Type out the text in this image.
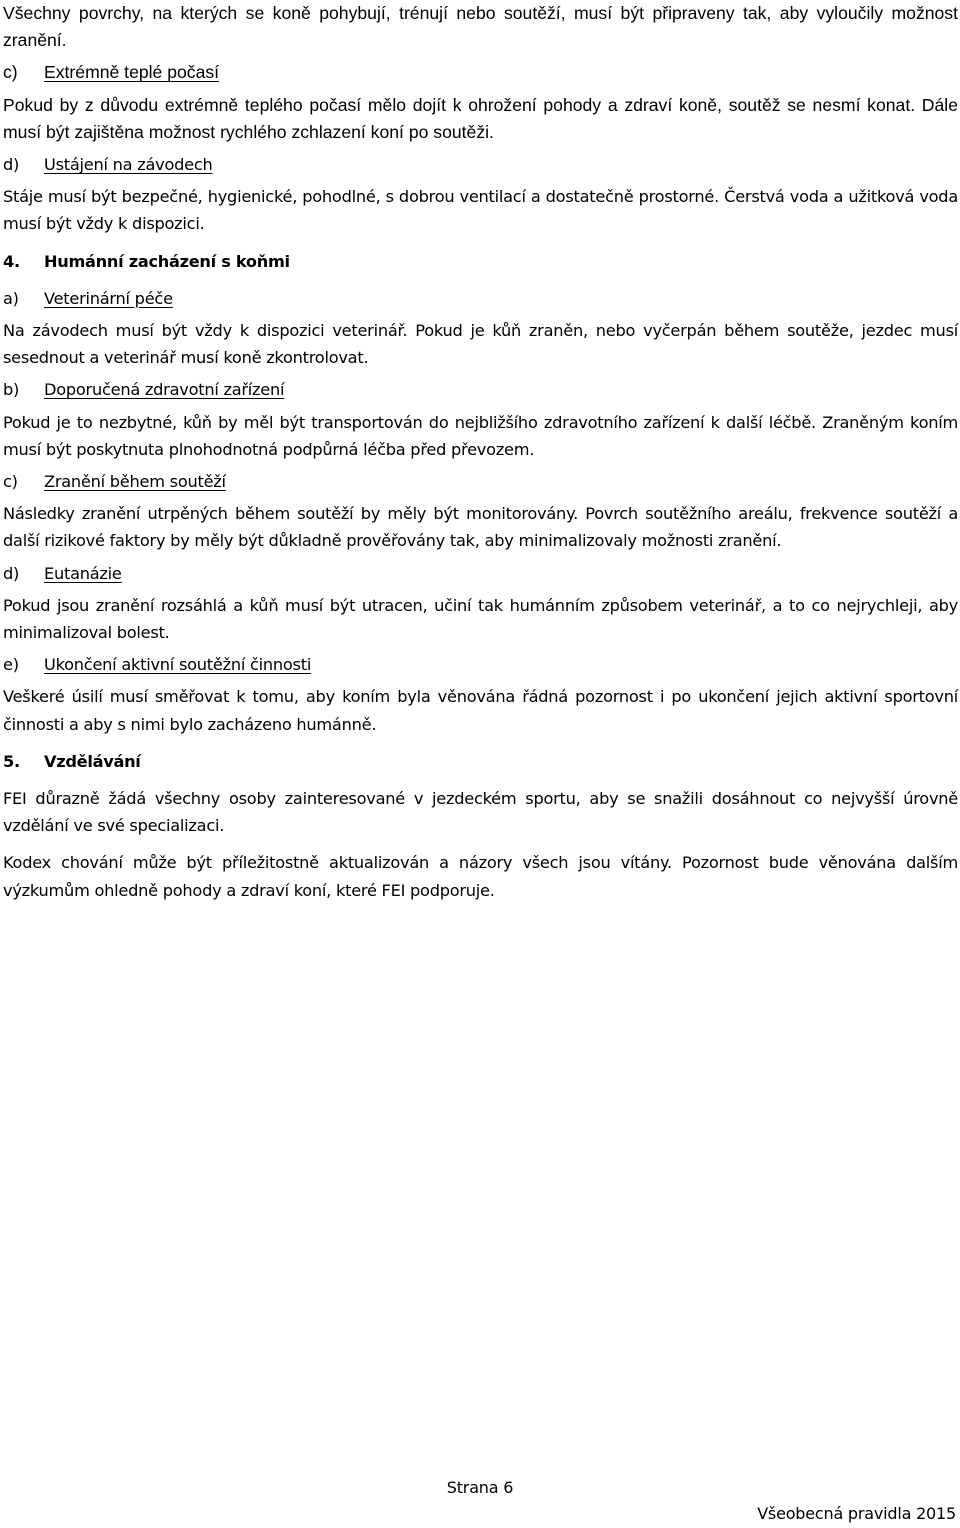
Všechny povrchy, na kterých se koně pohybují, trénují nebo soutěží, musí být připraveny tak, aby vyloučily možnost zranění.

c)	Extrémně teplé počasí

Pokud by z důvodu extrémně teplého počasí mělo dojít k ohrožení pohody a zdraví koně, soutěž se nesmí konat. Dále musí být zajištěna možnost rychlého zchlazení koní po soutěži.

d)	Ustájení na závodech

Stáje musí být bezpečné, hygienické, pohodlné, s dobrou ventilací a dostatečně prostorné. Čerstvá voda a užitková voda musí být vždy k dispozici.

4.	Humánní zacházení s koňmi

a)	Veterinární péče

Na závodech musí být vždy k dispozici veterinář. Pokud je kůň zraněn, nebo vyčerpán během soutěže, jezdec musí sesednout a veterinář musí koně zkontrolovat.

b)	Doporučená zdravotní zařízení

Pokud je to nezbytné, kůň by měl být transportován do nejbližšího zdravotního zařízení k další léčbě. Zraněným koním musí být poskytnuta plnohodnotná podpůrná léčba před převozem.

c)	Zranění během soutěží

Následky zranění utrpěných během soutěží by měly být monitorovány. Povrch soutěžního areálu, frekvence soutěží a další rizikové faktory by měly být důkladně prověřovány tak, aby minimalizovaly možnosti zranění.

d)	Eutanázie

Pokud jsou zranění rozsáhlá a kůň musí být utracen, učiní tak humánním způsobem veterinář, a to co nejrychleji, aby minimalizoval bolest.

e)	Ukončení aktivní soutěžní činnosti

Veškeré úsilí musí směřovat k tomu, aby koním byla věnována řádná pozornost i po ukončení jejich aktivní sportovní činnosti a aby s nimi bylo zacházeno humánně.

5.	Vzdělávání

FEI důrazně žádá všechny osoby zainteresované v jezdeckém sportu, aby se snažili dosáhnout co nejvyšší úrovně vzdělání ve své specializaci.

Kodex chování může být příležitostně aktualizován a názory všech jsou vítány. Pozornost bude věnována dalším výzkumům ohledně pohody a zdraví koní, které FEI podporuje.

Strana 6
Všeobecná pravidla 2015
